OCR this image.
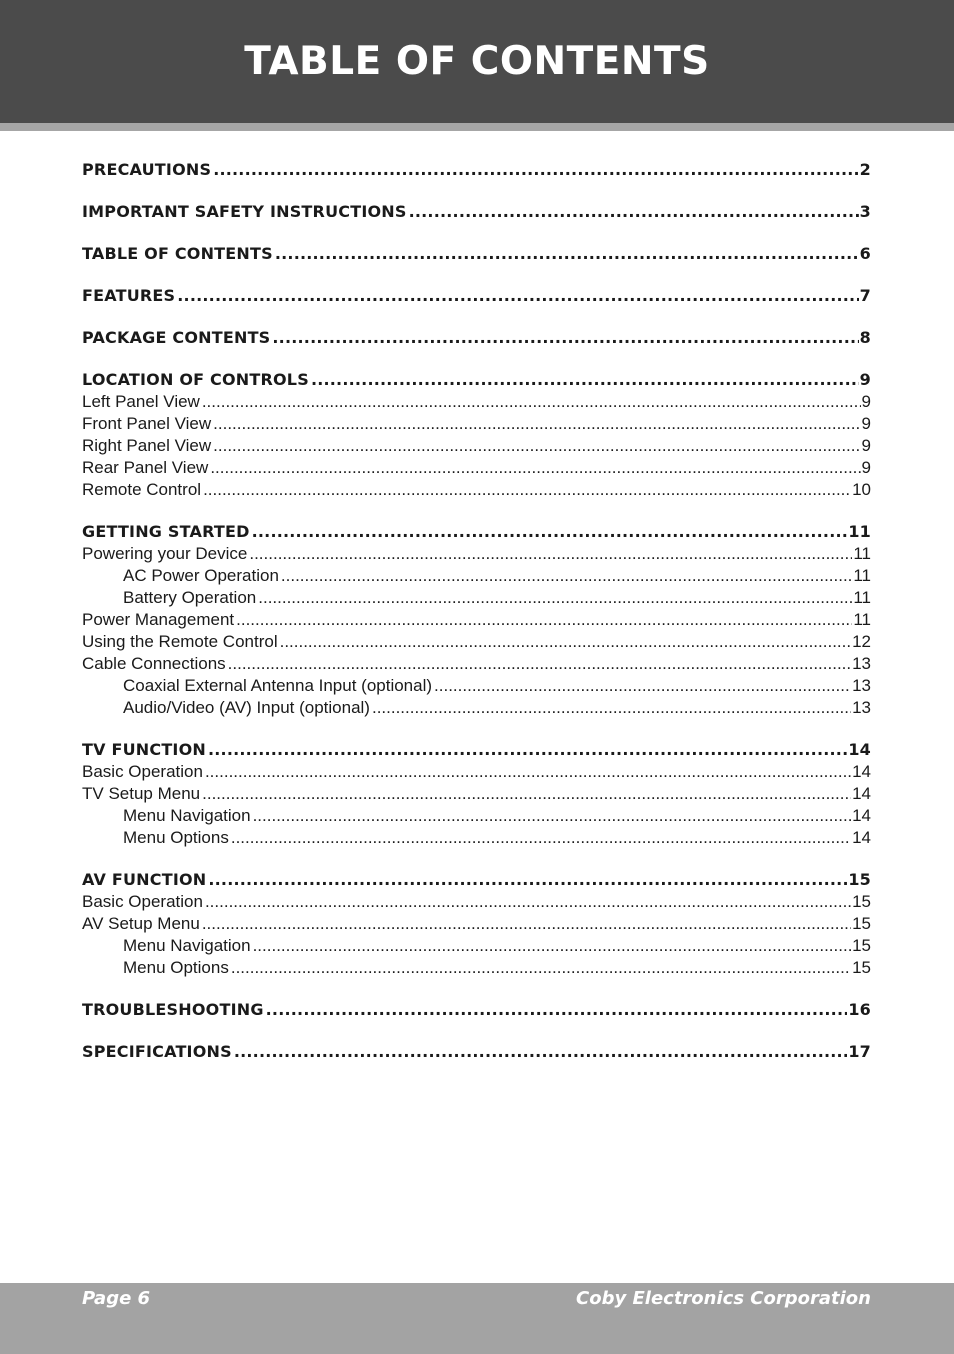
TABLE OF CONTENTS
PRECAUTIONS .....	2
IMPORTANT SAFETY INSTRUCTIONS .....	3
TABLE OF CONTENTS .....	6
FEATURES .....	7
PACKAGE CONTENTS .....	8
LOCATION OF CONTROLS .....	9
Left Panel View .....	9
Front Panel View .....	9
Right Panel View .....	9
Rear Panel View .....	9
Remote Control .....	10
GETTING STARTED .....	11
Powering your Device .....	11
AC Power Operation .....	11
Battery Operation .....	11
Power Management .....	11
Using the Remote Control .....	12
Cable Connections .....	13
Coaxial External Antenna Input (optional) .....	13
Audio/Video (AV) Input (optional) .....	13
TV FUNCTION .....	14
Basic Operation .....	14
TV Setup Menu .....	14
Menu Navigation .....	14
Menu Options .....	14
AV FUNCTION .....	15
Basic Operation .....	15
AV Setup Menu .....	15
Menu Navigation .....	15
Menu Options .....	15
TROUBLESHOOTING .....	16
SPECIFICATIONS .....	17
Page 6	Coby Electronics Corporation
